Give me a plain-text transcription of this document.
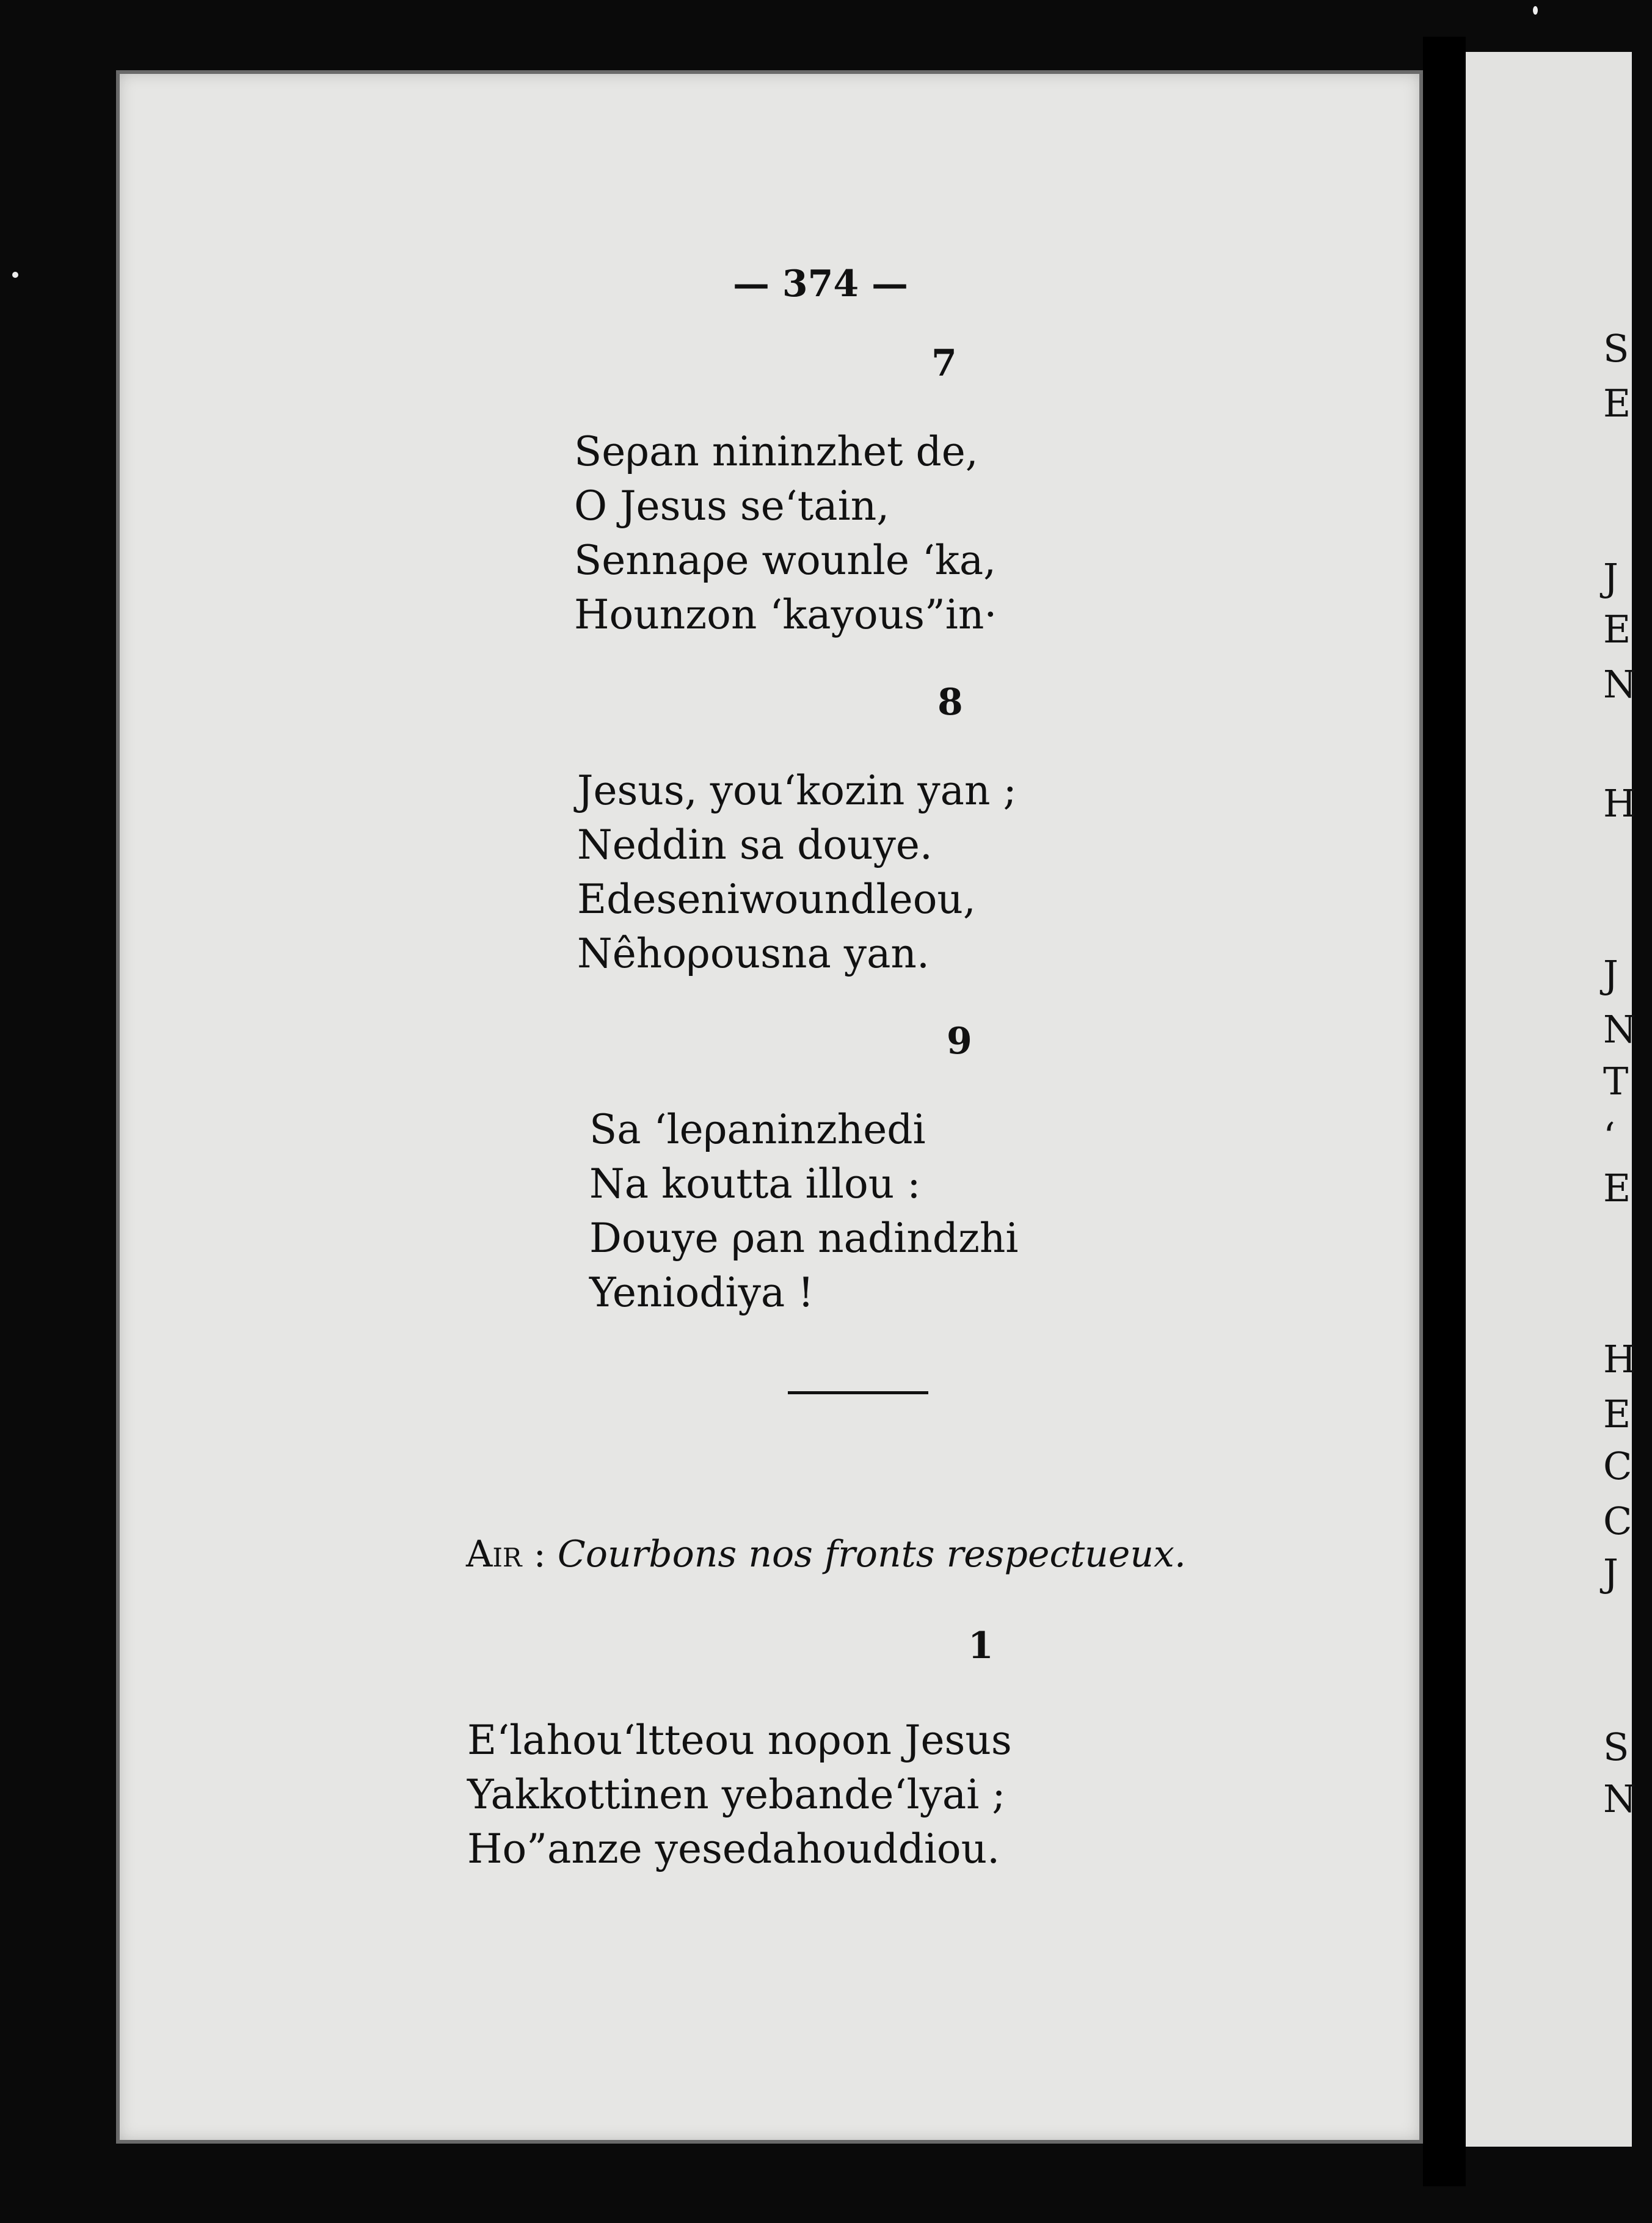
— 374 —
7
Seρan nininzhet de,
O Jesus se‘tain,
Sennaρe wounle ‘ka,
Hounzon ‘kayous”in·
8
Jesus, you‘kozin yan ;
Neddin sa douye.
Edeseniwoundleou,
Nêhoρousna yan.
9
Sa ‘leρaninzhedi
Na koutta illou :
Douye ρan nadindzhi
Yeniodiya !
Air : Courbons nos fronts respectueux.
1
E‘lahou‘ltteou noρon Jesus
Yakkottinen yebande‘lyai ;
Ho”anze yesedahouddiou.
S
E
J
E
N
H
J
N
T
‘
E
H
E
C
C
J
S
N
